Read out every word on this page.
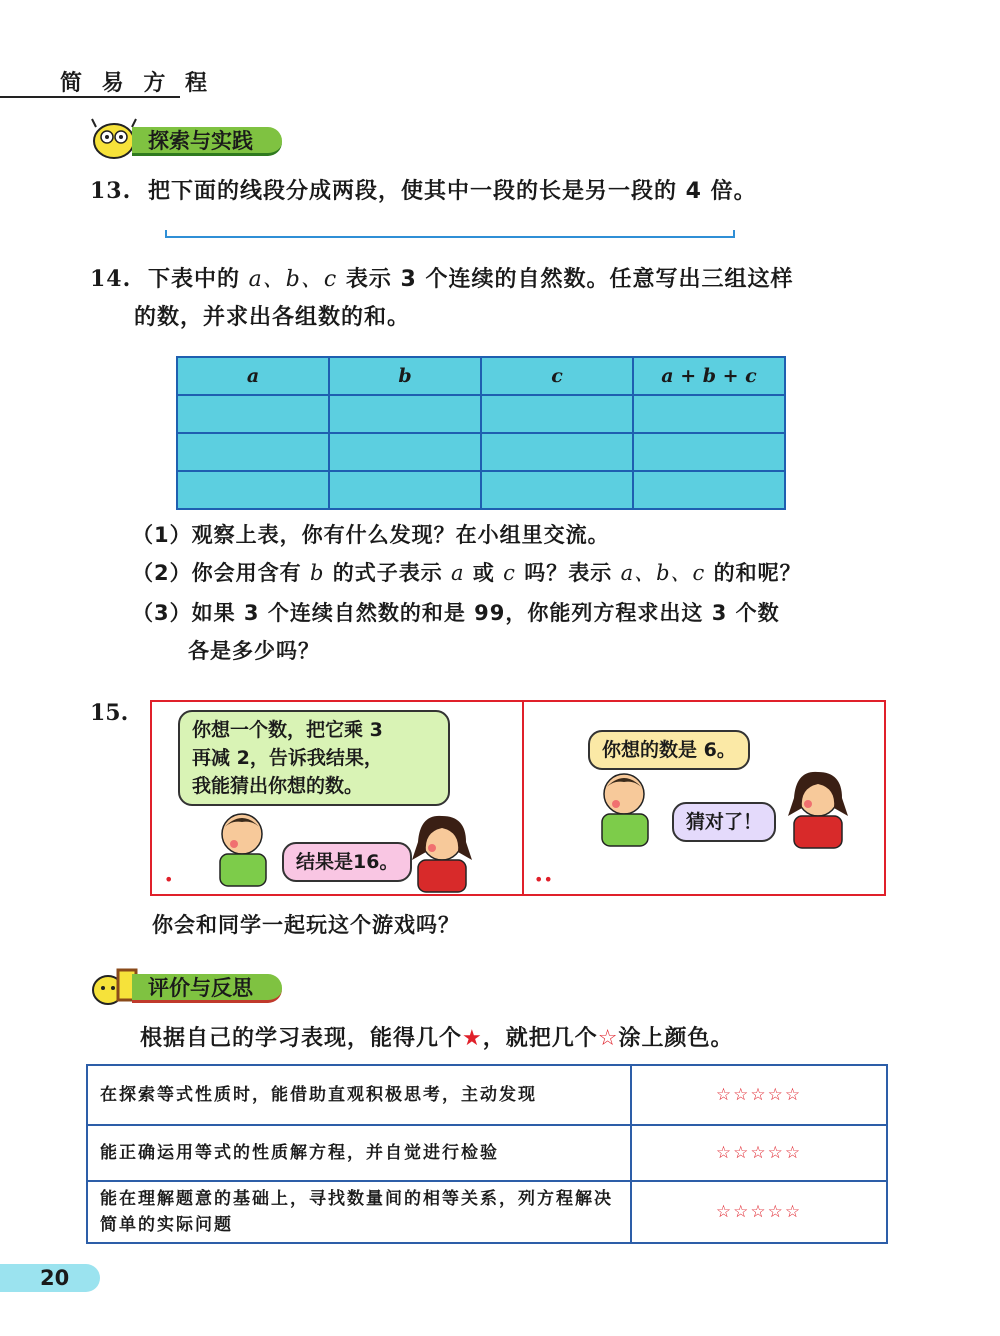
简 易 方 程
探索与实践
13. 把下面的线段分成两段，使其中一段的长是另一段的 4 倍。
14. 下表中的 a、b、c 表示 3 个连续的自然数。任意写出三组这样
的数，并求出各组数的和。
a	b	c	a + b + c

（1）观察上表，你有什么发现？在小组里交流。
（2）你会用含有 b 的式子表示 a 或 c 吗？表示 a、b、c 的和呢？
（3）如果 3 个连续自然数的和是 99，你能列方程求出这 3 个数
各是多少吗？
15.
•	••
你想一个数，把它乘 3
再减 2，告诉我结果，
我能猜出你想的数。
结果是16。
你想的数是 6。
猜对了！
你会和同学一起玩这个游戏吗？
评价与反思
根据自己的学习表现，能得几个★，就把几个☆涂上颜色。
在探索等式性质时，能借助直观积极思考，主动发现	☆☆☆☆☆
能正确运用等式的性质解方程，并自觉进行检验	☆☆☆☆☆
能在理解题意的基础上，寻找数量间的相等关系，列方程解决简单的实际问题	☆☆☆☆☆
20
